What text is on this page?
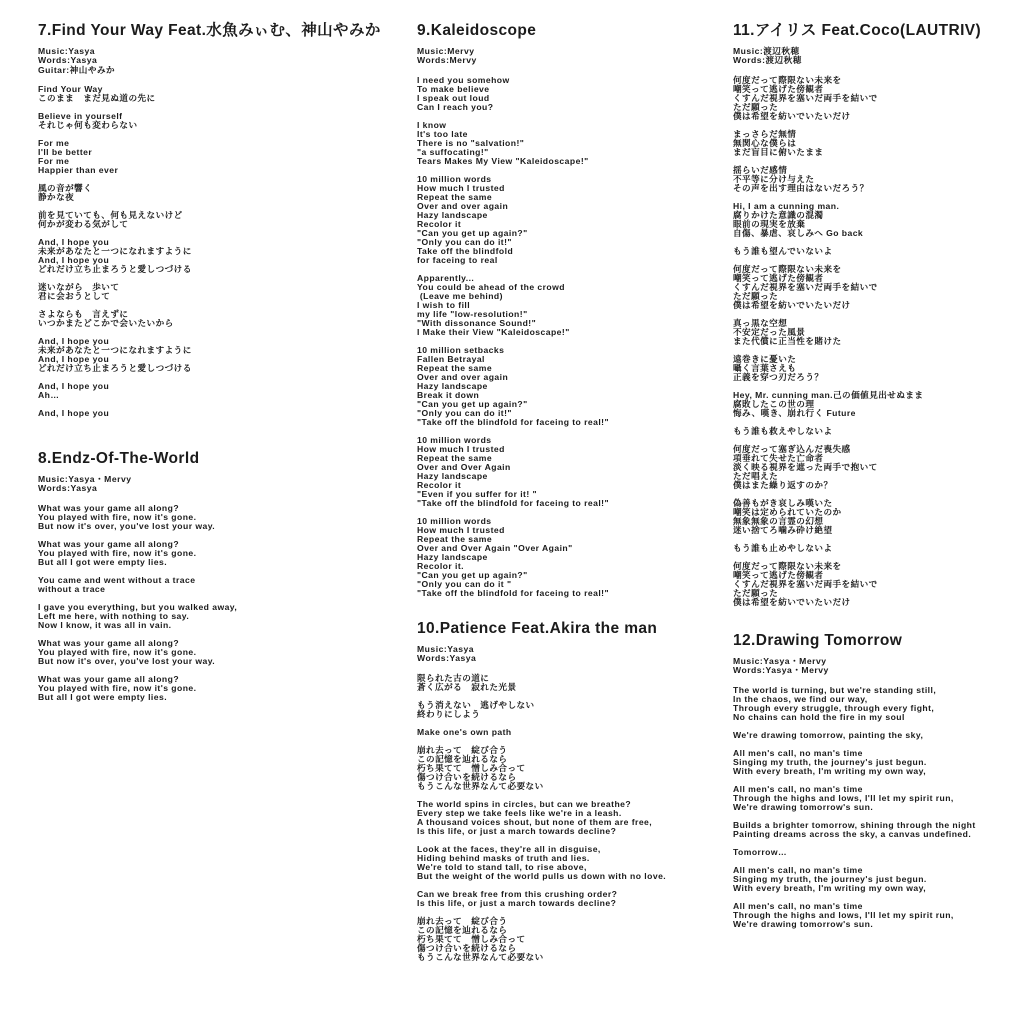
7.Find Your Way Feat.水魚みぃむ、神山やみか
Music:Yasya
Words:Yasya
Guitar:神山やみか
Find Your Way
このまま　まだ見ぬ道の先に
Believe in yourself
それじゃ何も変わらない
For me
I'll be better
For me
Happier than ever
風の音が響く
静かな夜
前を見ていても、何も見えないけど
何かが変わる気がして
And, I hope you
未来があなたと一つになれますように
And, I hope you
どれだけ立ち止まろうと愛しつづける
迷いながら　歩いて
君に会おうとして
さよならも　言えずに
いつかまたどこかで会いたいから
And, I hope you
未来があなたと一つになれますように
And, I hope you
どれだけ立ち止まろうと愛しつづける
And, I hope you
Ah…
And, I hope you
8.Endz-Of-The-World
Music:Yasya・Mervy
Words:Yasya
What was your game all along?
You played with fire, now it's gone.
But now it's over, you've lost your way.
What was your game all along?
You played with fire, now it's gone.
But all I got were empty lies.
You came and went without a trace
without a trace
I gave you everything, but you walked away,
Left me here, with nothing to say.
Now I know, it was all in vain.
What was your game all along?
You played with fire, now it's gone.
But now it's over, you've lost your way.
What was your game all along?
You played with fire, now it's gone.
But all I got were empty lies.
9.Kaleidoscope
Music:Mervy
Words:Mervy
I need you somehow
To make believe
I speak out loud
Can I reach you?
I know
It's too late
There is no "salvation!"
"a suffocating!"
Tears Makes My View "Kaleidoscape!"
10 million words
How much I trusted
Repeat the same
Over and over again
Hazy landscape
Recolor it
"Can you get up again?"
"Only you can do it!"
Take off the blindfold
for faceing to real
Apparently...
You could be ahead of the crowd
(Leave me behind)
I wish to fill
my life "low-resolution!"
"With dissonance Sound!"
I Make their View "Kaleidoscape!"
10 million setbacks
Fallen Betrayal
Repeat the same
Over and over again
Hazy landscape
Break it down
"Can you get up again?"
"Only you can do it!"
"Take off the blindfold for faceing to real!"
10 million words
How much I trusted
Repeat the same
Over and Over Again
Hazy landscape
Recolor it
"Even if you suffer for it! "
"Take off the blindfold for faceing to real!"
10 million words
How much I trusted
Repeat the same
Over and Over Again "Over Again"
Hazy landscape
Recolor it.
"Can you get up again?"
"Only you can do it "
"Take off the blindfold for faceing to real!"
10.Patience Feat.Akira the man
Music:Yasya
Words:Yasya
限られた古の道に
蒼く広がる　寂れた光景
もう消えない　逃げやしない
終わりにしよう
Make one's own path
崩れ去って　綻び合う
この記憶を辿れるなら
朽ち果てて　憎しみ合って
傷つけ合いを続けるなら
もうこんな世界なんて必要ない
The world spins in circles, but can we breathe?
Every step we take feels like we're in a leash.
A thousand voices shout, but none of them are free,
Is this life, or just a march towards decline?
Look at the faces, they're all in disguise,
Hiding behind masks of truth and lies.
We're told to stand tall, to rise above,
But the weight of the world pulls us down with no love.
Can we break free from this crushing order?
Is this life, or just a march towards decline?
崩れ去って　綻び合う
この記憶を辿れるなら
朽ち果てて　憎しみ合って
傷つけ合いを続けるなら
もうこんな世界なんて必要ない
11.アイリス Feat.Coco(LAUTRIV)
Music:渡辺秋穂
Words:渡辺秋穂
何度だって際限ない未来を
嘲笑って逃げた傍観者
くすんだ視界を塞いだ両手を結いで
ただ願った
僕は希望を紡いでいたいだけ
まっさらだ無情
無関心な僕らは
まだ盲目に俯いたまま
揺らいだ感情
不平等に分け与えた
その声を出す理由はないだろう？
Hi, I am a cunning man.
腐りかけた意識の混濁
眼前の現実を放棄
自傷、暴虐、哀しみへ Go back
もう誰も望んでいないよ
何度だって際限ない未来を
嘲笑って逃げた傍観者
くすんだ視界を塞いだ両手を結いで
ただ願った
僕は希望を紡いでいたいだけ
真っ黒な空想
不安定だった風景
また代償に正当性を賭けた
遠巻きに憂いた
囁く言葉さえも
正義を穿つ刃だろう？
Hey, Mr. cunning man.己の価値見出せぬまま
腐敗したこの世の理
悔み、嘆き、崩れ行く Future
もう誰も救えやしないよ
何度だって塞ぎ込んだ喪失感
項垂れて失せた亡命者
淡く映る視界を遮った両手で抱いて
ただ唱えた
僕はまた繰り返すのか？
偽善もがき哀しみ嘆いた
嘲笑は定められていたのか
無象無象の言霊の幻想
迷い捨てろ噛み砕け絶望
もう誰も止めやしないよ
何度だって際限ない未来を
嘲笑って逃げた傍観者
くすんだ視界を塞いだ両手を結いで
ただ願った
僕は希望を紡いでいたいだけ
12.Drawing Tomorrow
Music:Yasya・Mervy
Words:Yasya・Mervy
The world is turning, but we're standing still,
In the chaos, we find our way,
Through every struggle, through every fight,
No chains can hold the fire in my soul
We're drawing tomorrow, painting the sky,
All men's call, no man's time
Singing my truth, the journey's just begun.
With every breath, I'm writing my own way,
All men's call, no man's time
Through the highs and lows, I'll let my spirit run,
We're drawing tomorrow's sun.
Builds a brighter tomorrow, shining through the night
Painting dreams across the sky, a canvas undefined.
Tomorrow…
All men's call, no man's time
Singing my truth, the journey's just begun.
With every breath, I'm writing my own way,
All men's call, no man's time
Through the highs and lows, I'll let my spirit run,
We're drawing tomorrow's sun.
